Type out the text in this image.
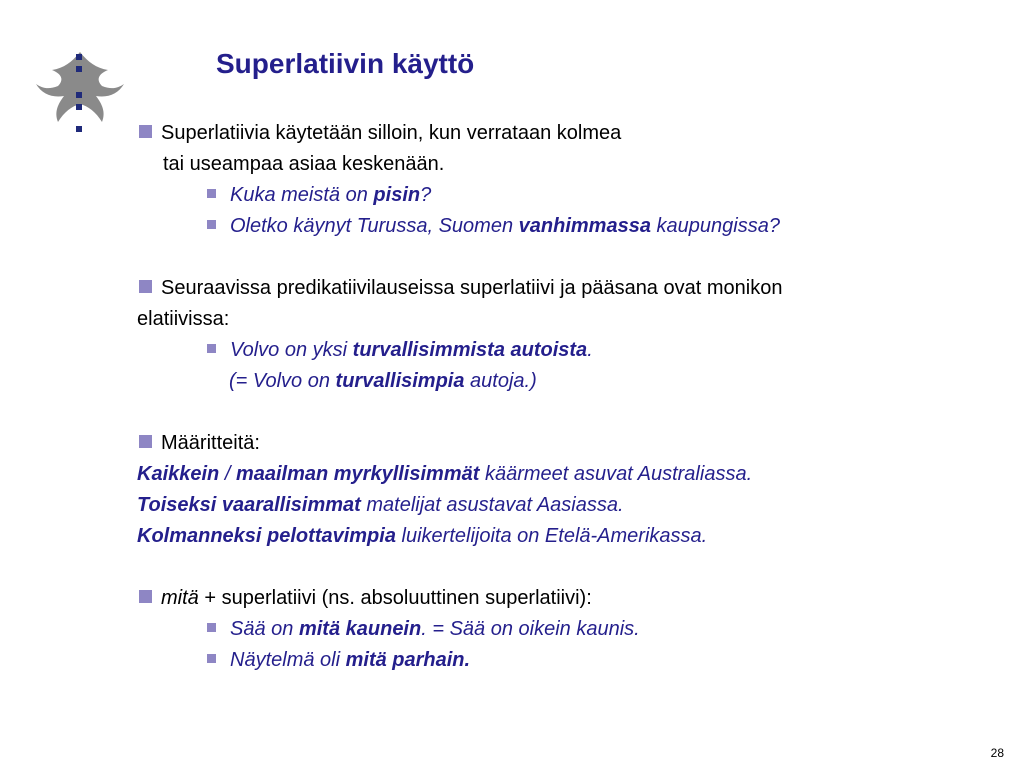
Superlatiivin käyttö
Superlatiivia käytetään silloin, kun verrataan kolmea
tai useampaa asiaa keskenään.
Kuka meistä on pisin?
Oletko käynyt Turussa, Suomen vanhimmassa kaupungissa?
Seuraavissa predikatiivilauseissa superlatiivi ja pääsana ovat monikon
elatiivissa:
Volvo on yksi turvallisimmista autoista.
(= Volvo on turvallisimpia autoja.)
Määritteitä:
Kaikkein / maailman myrkyllisimmät käärmeet asuvat Australiassa.
Toiseksi vaarallisimmat matelijat asustavat Aasiassa.
Kolmanneksi pelottavimpia luikertelijoita on Etelä-Amerikassa.
mitä + superlatiivi (ns. absoluuttinen superlatiivi):
Sää on mitä kaunein. = Sää on oikein kaunis.
Näytelmä oli mitä parhain.
28
